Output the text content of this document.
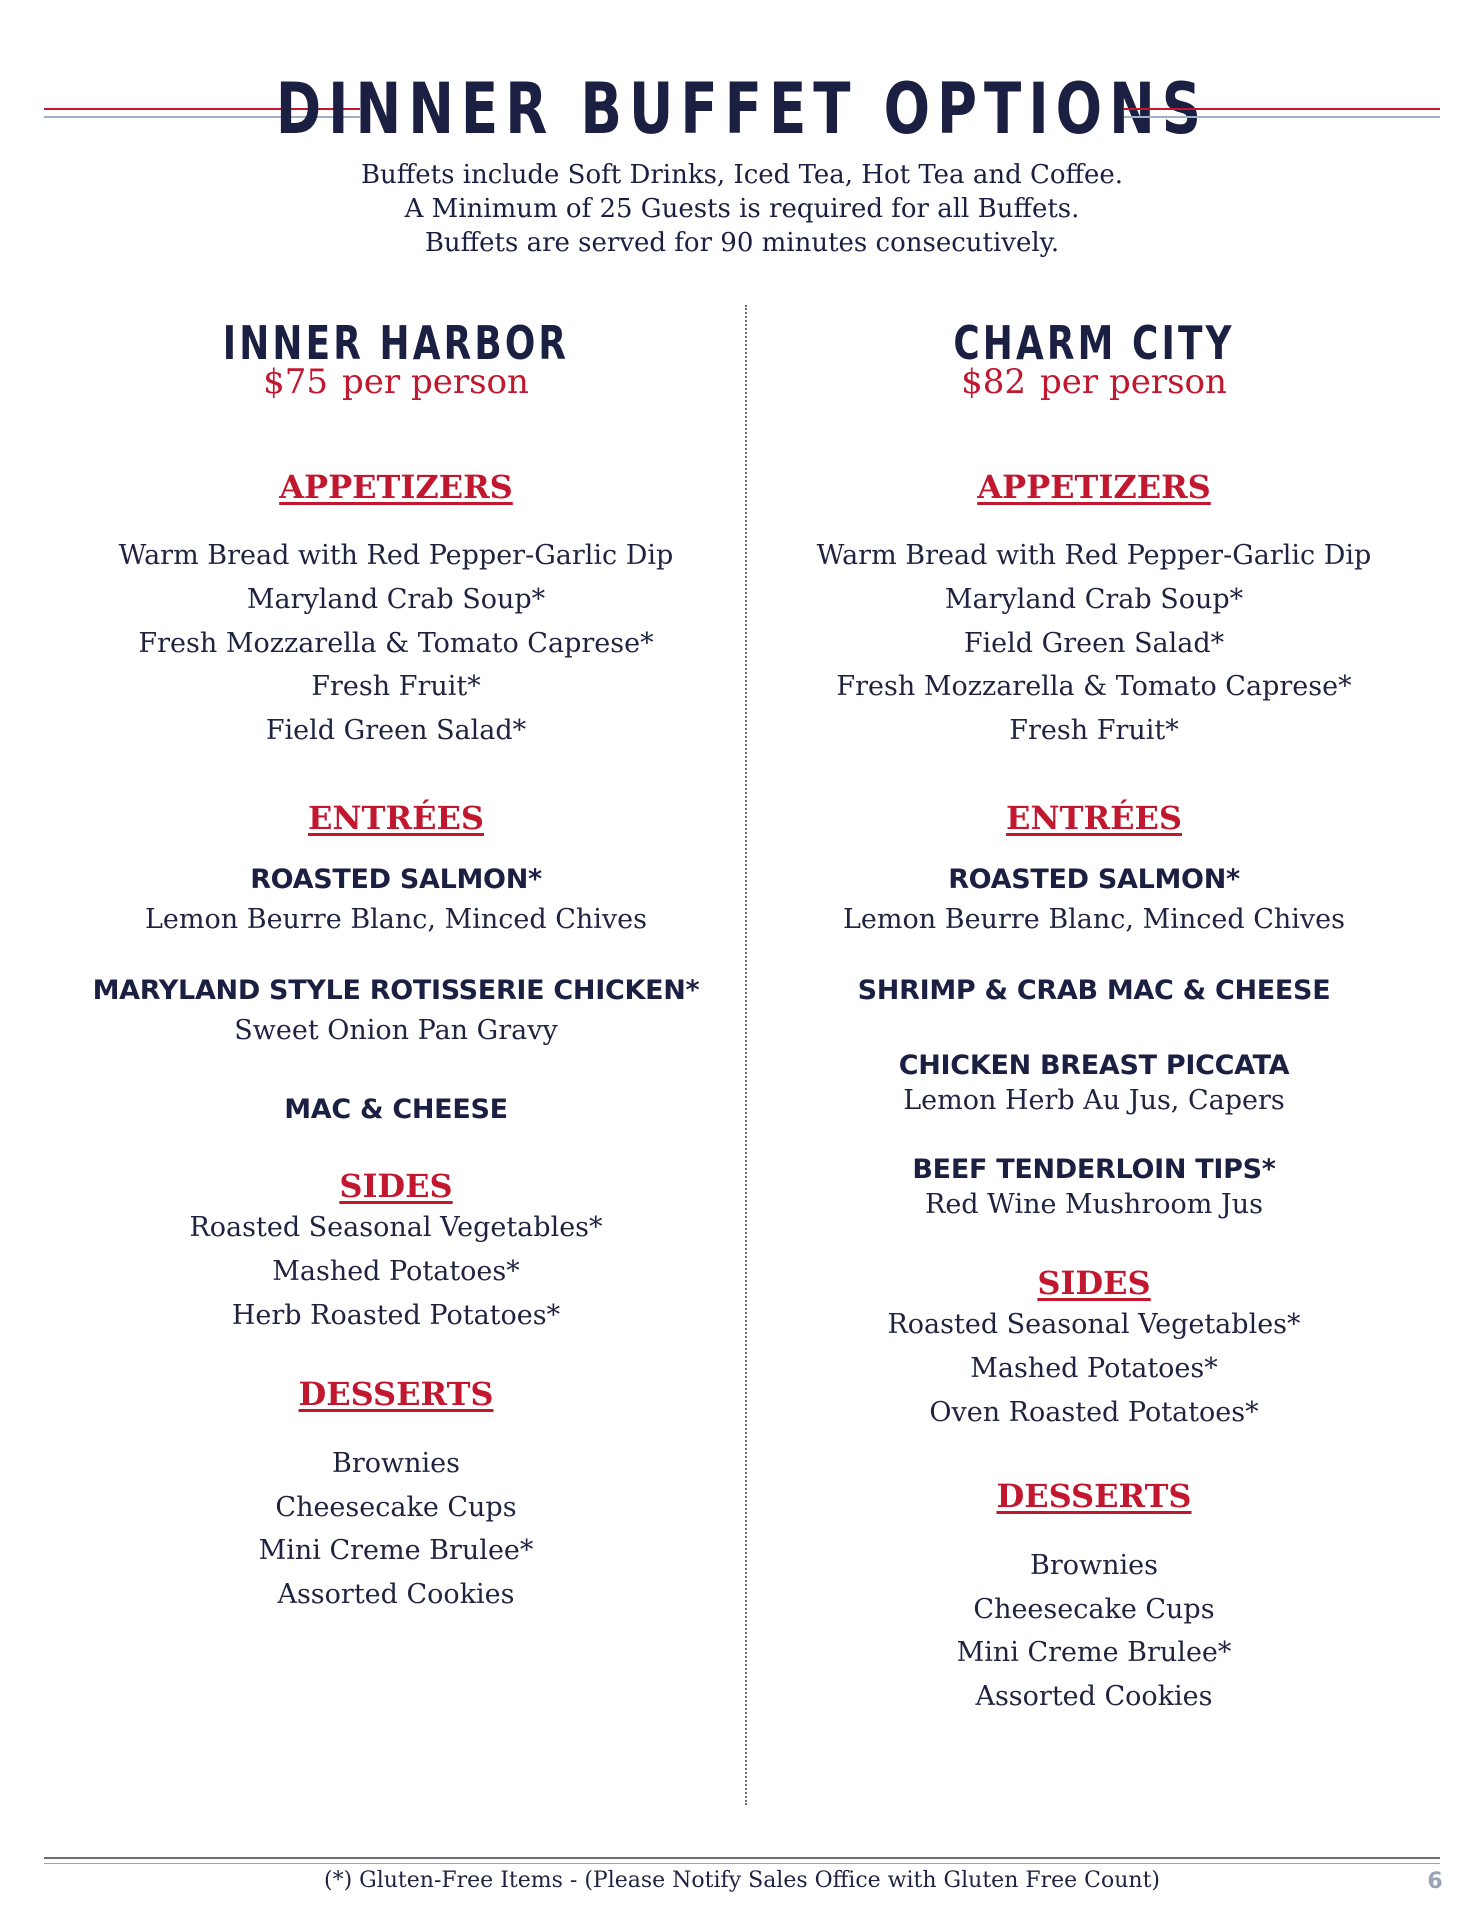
DINNER BUFFET OPTIONS
Buffets include Soft Drinks, Iced Tea, Hot Tea and Coffee.
A Minimum of 25 Guests is required for all Buffets.
Buffets are served for 90 minutes consecutively.
INNER HARBOR
$75 per person
APPETIZERS
Warm Bread with Red Pepper-Garlic Dip
Maryland Crab Soup*
Fresh Mozzarella & Tomato Caprese*
Fresh Fruit*
Field Green Salad*
ENTRÉES
ROASTED SALMON*
Lemon Beurre Blanc, Minced Chives
MARYLAND STYLE ROTISSERIE CHICKEN*
Sweet Onion Pan Gravy
MAC & CHEESE
SIDES
Roasted Seasonal Vegetables*
Mashed Potatoes*
Herb Roasted Potatoes*
DESSERTS
Brownies
Cheesecake Cups
Mini Creme Brulee*
Assorted Cookies
CHARM CITY
$82 per person
APPETIZERS
Warm Bread with Red Pepper-Garlic Dip
Maryland Crab Soup*
Field Green Salad*
Fresh Mozzarella & Tomato Caprese*
Fresh Fruit*
ENTRÉES
ROASTED SALMON*
Lemon Beurre Blanc, Minced Chives
SHRIMP & CRAB MAC & CHEESE
CHICKEN BREAST PICCATA
Lemon Herb Au Jus, Capers
BEEF TENDERLOIN TIPS*
Red Wine Mushroom Jus
SIDES
Roasted Seasonal Vegetables*
Mashed Potatoes*
Oven Roasted Potatoes*
DESSERTS
Brownies
Cheesecake Cups
Mini Creme Brulee*
Assorted Cookies
(*) Gluten-Free Items - (Please Notify Sales Office with Gluten Free Count)	6
